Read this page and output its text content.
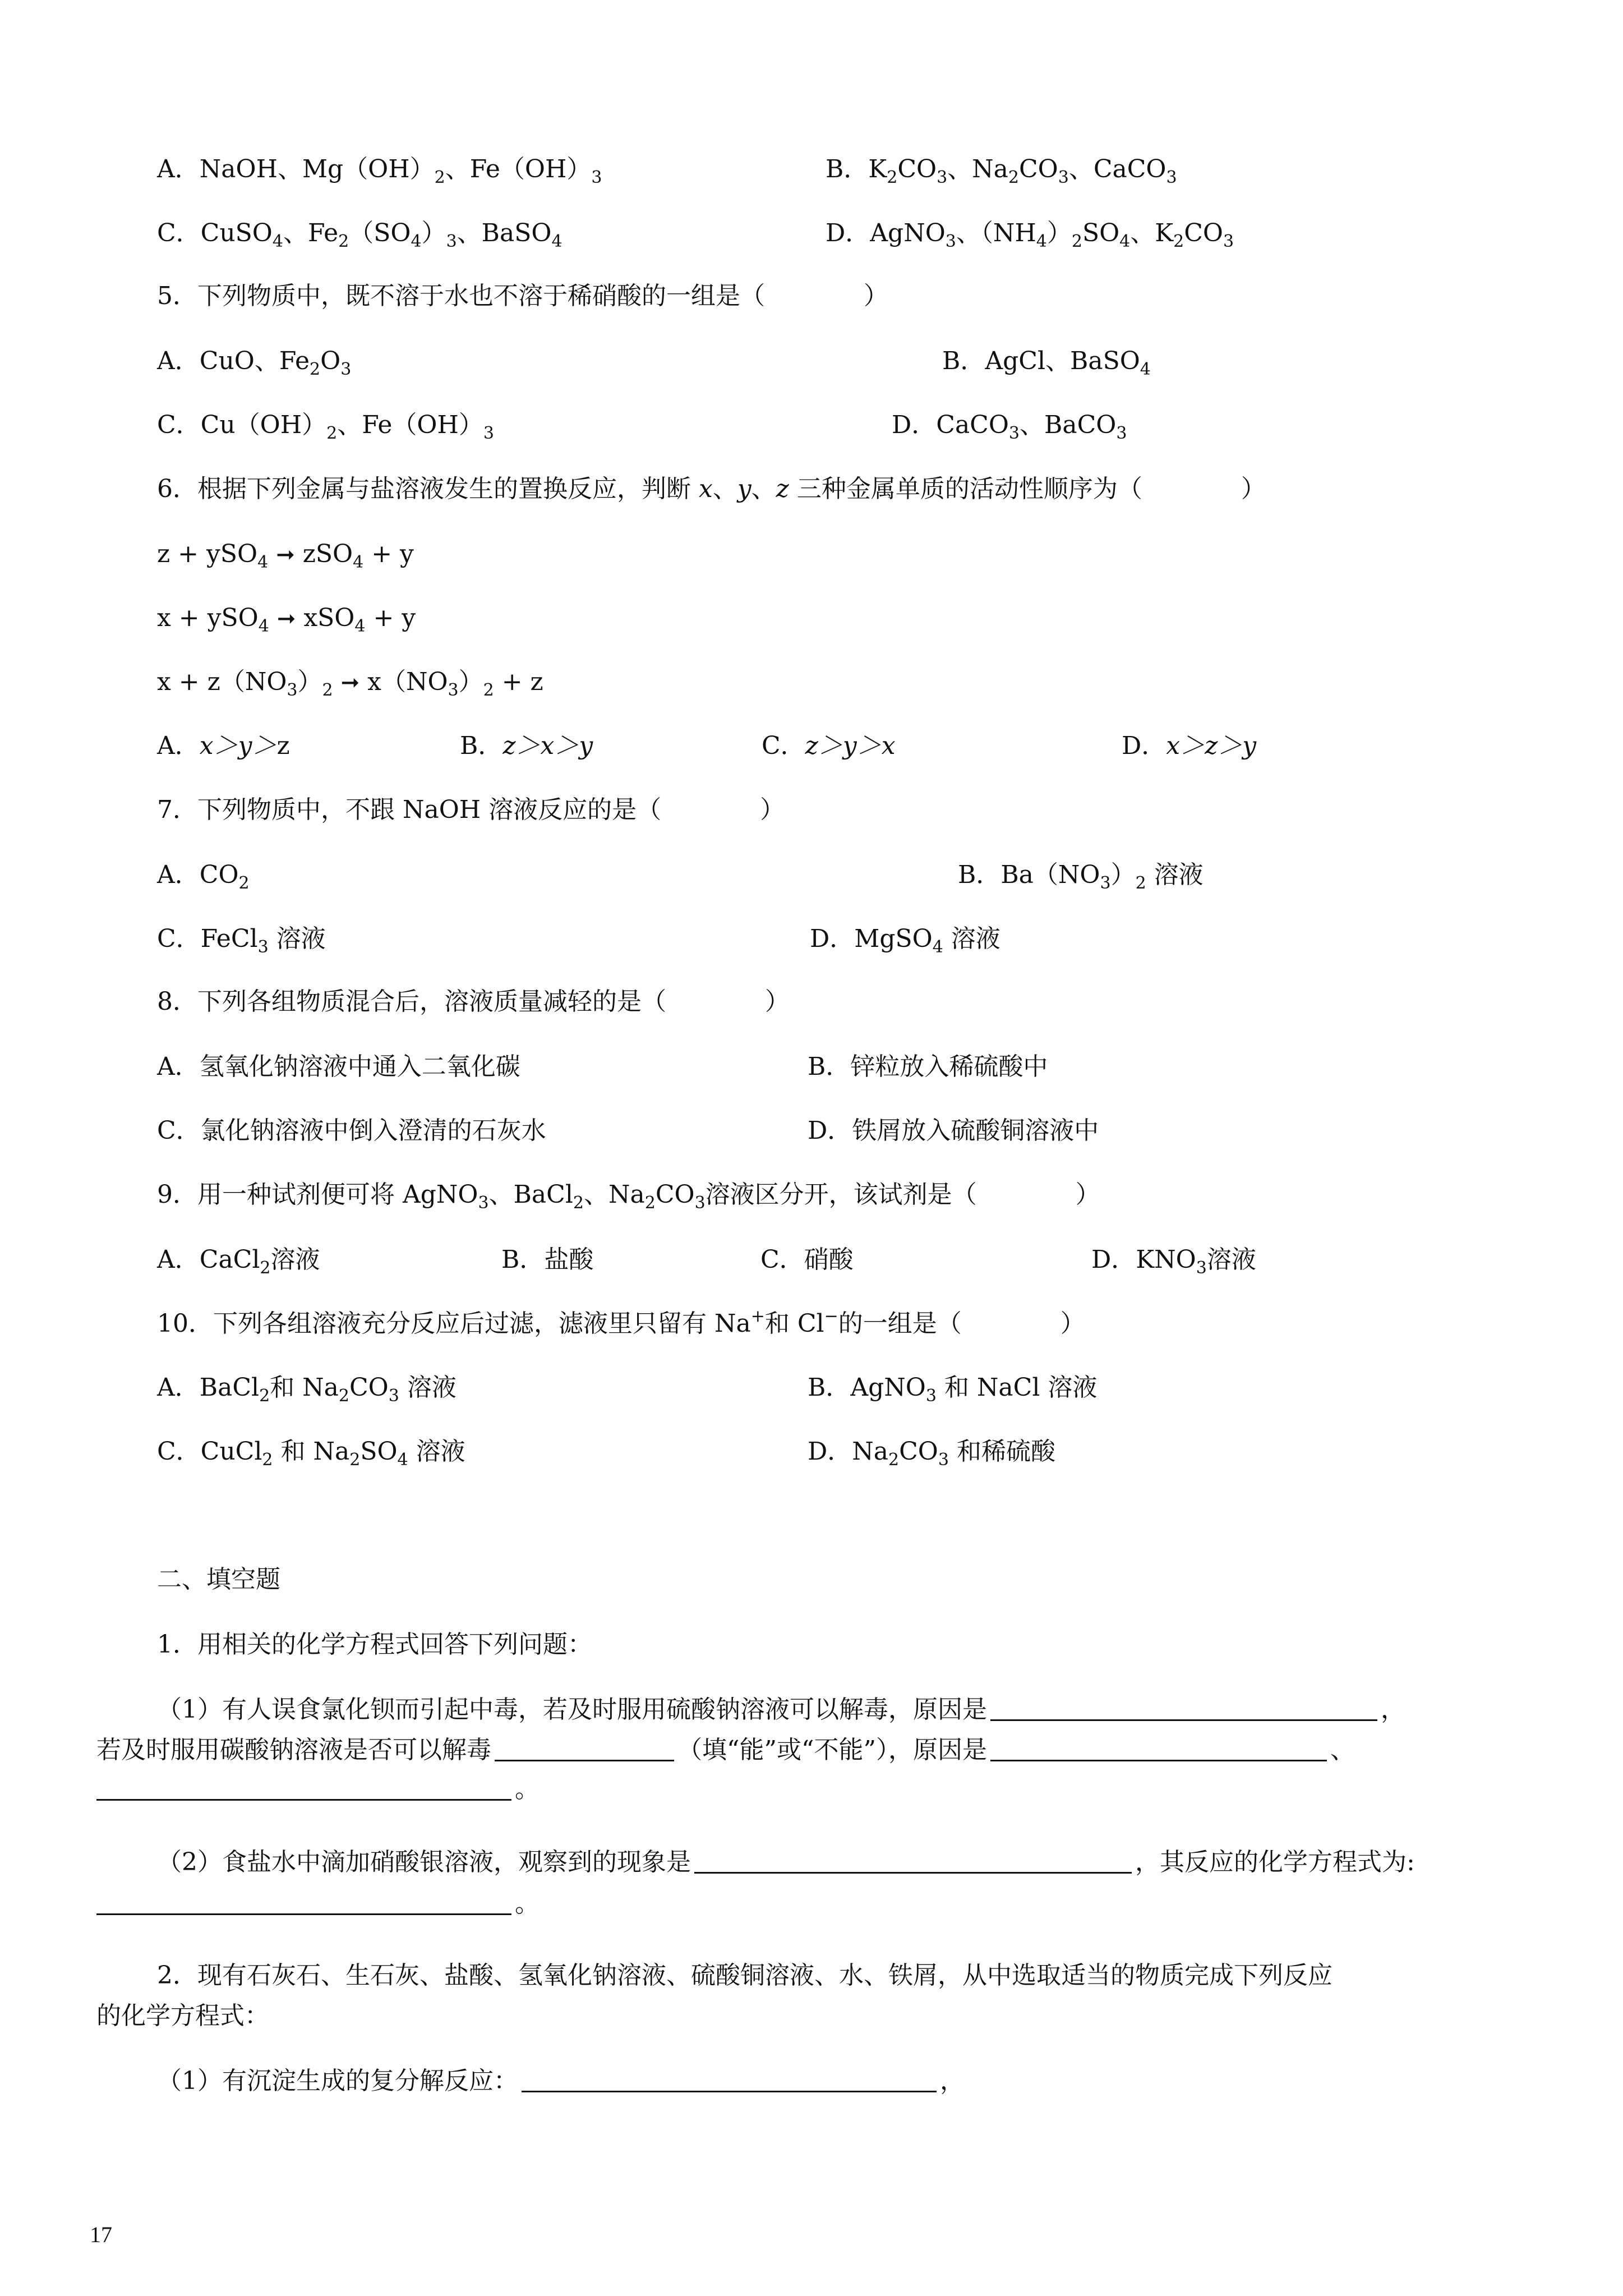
A．NaOH、$Mg(OH)_2$、$Fe(OH)_3$	B．$K_2CO_3$、$Na_2CO_3$、CaCO$_3$
C．CuSO$_4$、$Fe_2(SO_4)_3$、BaSO$_4$	D．AgNO$_3$、$(NH_4)_2SO_4$、$K_2CO_3$
5．下列物质中，既不溶于水也不溶于稀硝酸的一组是（　　　　）
A．CuO、$Fe_2O_3$	B．AgCl、BaSO$_4$
C．$Cu(OH)_2$、$Fe(OH)_3$	D．CaCO$_3$、BaCO$_3$
6．根据下列金属与盐溶液发生的置换反应，判断 x、y、z 三种金属单质的活动性顺序为（　　　　）
z + ySO$_4$ ➞ zSO$_4$ + y
x + ySO$_4$ ➞ xSO$_4$ + y
$x + z(NO_3)_2$ ➞ $x(NO_3)_2 + z$
A．x＞y＞z	B．z＞x＞y	C．z＞y＞x	D．x＞z＞y
7．下列物质中，不跟 NaOH 溶液反应的是（　　　　）
A．$CO_2$	B．$Ba(NO_3)_2$ 溶液
C．FeCl$_3$ 溶液	D．MgSO$_4$ 溶液
8．下列各组物质混合后，溶液质量减轻的是（　　　　）
A．氢氧化钠溶液中通入二氧化碳	B．锌粒放入稀硫酸中
C．氯化钠溶液中倒入澄清的石灰水	D．铁屑放入硫酸铜溶液中
9．用一种试剂便可将 AgNO$_3$、BaCl$_2$、$Na_2CO_3$溶液区分开，该试剂是（　　　　）
A．CaCl$_2$溶液	B．盐酸	C．硝酸	D．$KNO_3$溶液
10．下列各组溶液充分反应后过滤，滤液里只留有 Na+和 Cl−的一组是（　　　　）
A．BaCl$_2$和 $Na_2CO_3$ 溶液	B．AgNO$_3$ 和 NaCl 溶液
C．CuCl$_2$ 和 $Na_2SO_4$ 溶液	D．$Na_2CO_3$ 和稀硫酸
二、填空题
1．用相关的化学方程式回答下列问题：
（1）有人误食氯化钡而引起中毒，若及时服用硫酸钠溶液可以解毒，原因是	，
若及时服用碳酸钠溶液是否可以解毒	（填“能”或“不能”），原因是	、
。
（2）食盐水中滴加硝酸银溶液，观察到的现象是	，其反应的化学方程式为:
。
2．现有石灰石、生石灰、盐酸、氢氧化钠溶液、硫酸铜溶液、水、铁屑，从中选取适当的物质完成下列反应
的化学方程式：
（1）有沉淀生成的复分解反应：	，
17
